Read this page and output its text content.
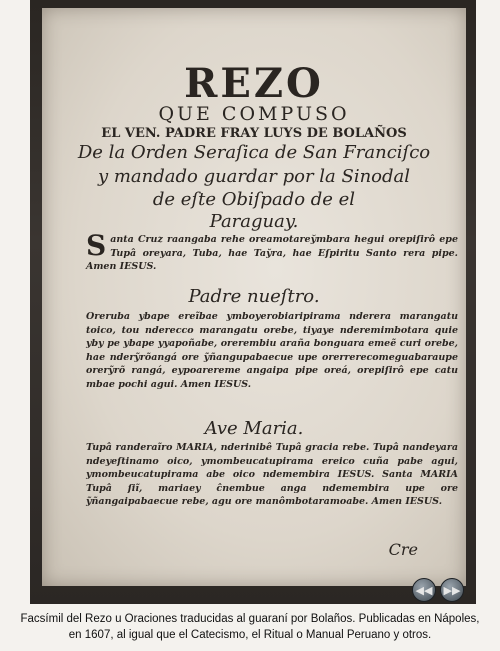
REZO
QUE COMPUSO
EL VEN. PADRE FRAY LUYS DE BOLAÑOS
De la Orden Seraſica de San Franciſco
y mandado guardar por la Sinodal
de eſte Obiſpado de el
Paraguay.
S anta Cruz raangaba rehe oreamotarey̆mbara hegui orepiſirô epe Tupâ oreyara, Tuba, hae Tay̆ra, hae Eſpiritu Santo rera pipe. Amen IESUS.
Padre nueſtro.
Oreruba ybape ereĩbae ymboyerobiaripirama nderera marangatu toico, tou nderecco marangatu orebe, tiyaye nderemimbotara quie yby pe ybape yyapoñabe, orerembiu araña bonguara emeẽ curi orebe, hae nderỹrõangá ore ỹñangupabaecue upe orerrerecomeguabaraupe orerỹrõ rangá, eypoarereme angaipa pipe oreá, orepiſirô epe catu mbae pochi agui. Amen IESUS.
Ave Maria.
Tupâ randeraĩro MARIA, nderinibê Tupâ gracia rebe. Tupâ nandeyara ndeyeſtinamo oico, ymombeucatupirama ereico cuña pabe agui, ymombeucatupirama abe oico ndemembira IESUS. Santa MARIA Tupâ ſiĩ, mariaey ĉnembue anga ndemembira upe ore ỹñangaipabaecue rebe, agu ore manômbotaramoabe. Amen IESUS.
Cre
◀◀ ▶▶
Facsímil del Rezo u Oraciones traducidas al guaraní por Bolaños. Publicadas en Nápoles,
en 1607, al igual que el Catecismo, el Ritual o Manual Peruano y otros.
